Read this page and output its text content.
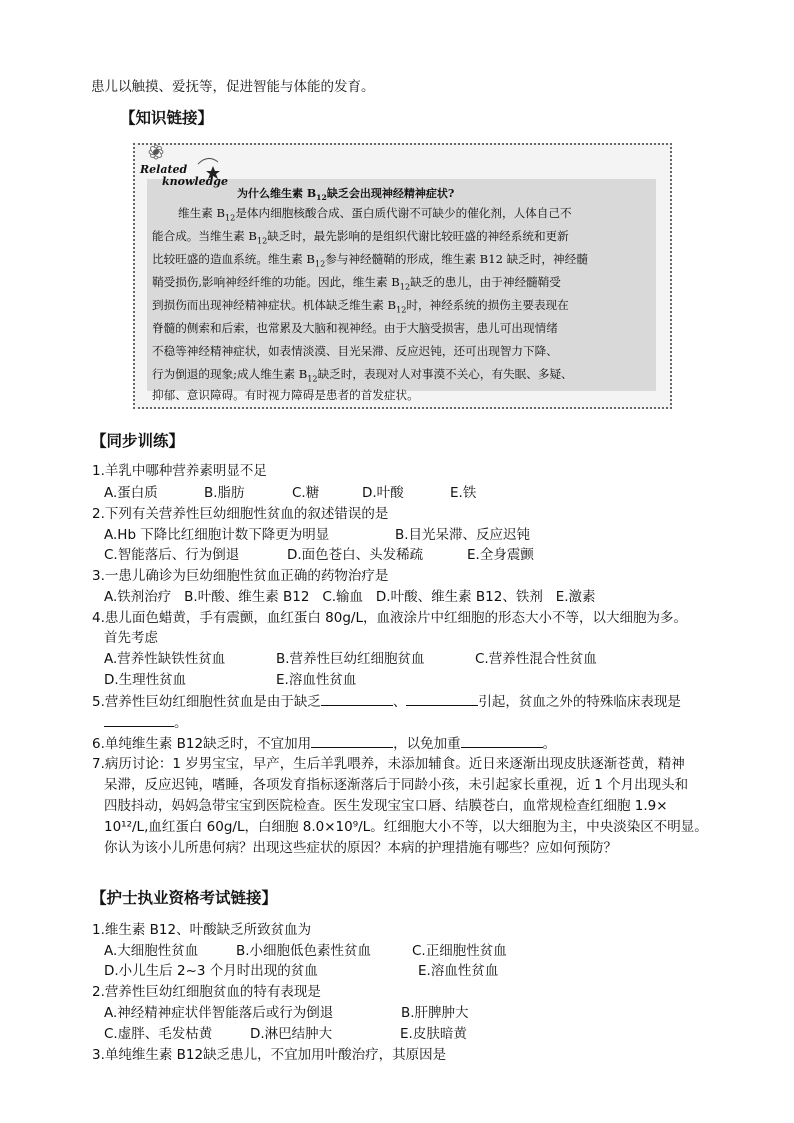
患儿以触摸、爱抚等，促进智能与体能的发育。
【知识链接】
Related
knowledge
为什么维生素 $B_{12}$缺乏会出现神经精神症状?
维生素 $B_{12}$是体内细胞核酸合成、蛋白质代谢不可缺少的催化剂，人体自己不
能合成。当维生素 $B_{12}$缺乏时，最先影响的是组织代谢比较旺盛的神经系统和更新
比较旺盛的造血系统。维生素 $B_{12}$参与神经髓鞘的形成，维生素 B12 缺乏时，神经髓
鞘受损伤,影响神经纤维的功能。因此，维生素 $B_{12}$缺乏的患儿，由于神经髓鞘受
到损伤而出现神经精神症状。机体缺乏维生素 $B_{12}$时，神经系统的损伤主要表现在
脊髓的侧索和后索，也常累及大脑和视神经。由于大脑受损害，患儿可出现情绪
不稳等神经精神症状，如表情淡漠、目光呆滞、反应迟钝，还可出现智力下降、
行为倒退的现象;成人维生素 $B_{12}$缺乏时，表现对人对事漠不关心，有失眠、多疑、
抑郁、意识障碍。有时视力障碍是患者的首发症状。
【同步训练】
1.羊乳中哪种营养素明显不足
A.蛋白质	B.脂肪	C.糖	D.叶酸	E.铁
2.下列有关营养性巨幼细胞性贫血的叙述错误的是
A.Hb 下降比红细胞计数下降更为明显	B.目光呆滞、反应迟钝
C.智能落后、行为倒退	D.面色苍白、头发稀疏	E.全身震颤
3.一患儿确诊为巨幼细胞性贫血正确的药物治疗是
A.铁剂治疗   B.叶酸、维生素 B12   C.输血   D.叶酸、维生素 B12、铁剂   E.激素
4.患儿面色蜡黄，手有震颤，血红蛋白 80g/L，血液涂片中红细胞的形态大小不等，以大细胞为多。
首先考虑
A.营养性缺铁性贫血	B.营养性巨幼红细胞贫血	C.营养性混合性贫血
D.生理性贫血	E.溶血性贫血
5.营养性巨幼红细胞性贫血是由于缺乏	、	引起，贫血之外的特殊临床表现是
。
6.单纯维生素 B12缺乏时，不宜加用	，以免加重	。
7.病历讨论：1 岁男宝宝，早产，生后羊乳喂养，未添加辅食。近日来逐渐出现皮肤逐渐苍黄，精神
呆滞，反应迟钝，嗜睡，各项发育指标逐渐落后于同龄小孩，未引起家长重视，近 1 个月出现头和
四肢抖动，妈妈急带宝宝到医院检查。医生发现宝宝口唇、结膜苍白，血常规检查红细胞 1.9×
10¹²/L,血红蛋白 60g/L，白细胞 8.0×10⁹/L。红细胞大小不等，以大细胞为主，中央淡染区不明显。
你认为该小儿所患何病？出现这些症状的原因？本病的护理措施有哪些？应如何预防？
【护士执业资格考试链接】
1.维生素 B12、叶酸缺乏所致贫血为
A.大细胞性贫血	B.小细胞低色素性贫血	C.正细胞性贫血
D.小儿生后 2~3 个月时出现的贫血	E.溶血性贫血
2.营养性巨幼红细胞贫血的特有表现是
A.神经精神症状伴智能落后或行为倒退	B.肝脾肿大
C.虚胖、毛发枯黄	D.淋巴结肿大	E.皮肤暗黄
3.单纯维生素 B12缺乏患儿，不宜加用叶酸治疗，其原因是
